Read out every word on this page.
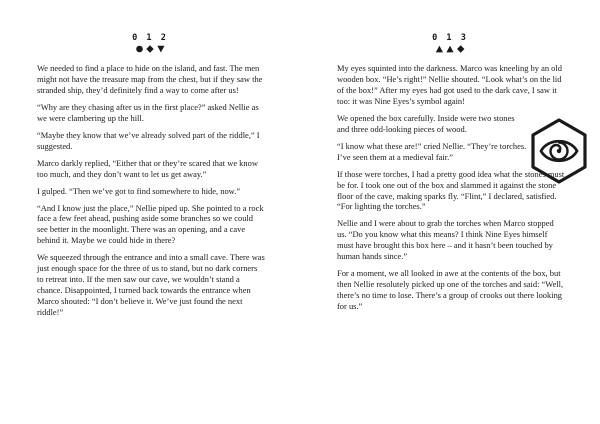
0 1 2

We needed to find a place to hide on the island, and fast. The men might not have the treasure map from the chest, but if they saw the stranded ship, they’d definitely find a way to come after us!

“Why are they chasing after us in the first place?” asked Nellie as we were clambering up the hill.

“Maybe they know that we’ve already solved part of the riddle,” I suggested.

Marco darkly replied, “Either that or they’re scared that we know too much, and they don’t want to let us get away.”

I gulped. “Then we’ve got to find somewhere to hide, now.”

“And I know just the place,” Nellie piped up. She pointed to a rock face a few feet ahead, pushing aside some branches so we could see better in the moonlight. There was an opening, and a cave behind it. Maybe we could hide in there?

We squeezed through the entrance and into a small cave. There was just enough space for the three of us to stand, but no dark corners to retreat into. If the men saw our cave, we wouldn’t stand a chance. Disappointed, I turned back towards the entrance when Marco shouted: “I don’t believe it. We’ve just found the next riddle!”

0 1 3

My eyes squinted into the darkness. Marco was kneeling by an old wooden box. “He’s right!” Nellie shouted. “Look what’s on the lid of the box!” After my eyes had got used to the dark cave, I saw it too: it was Nine Eyes’s symbol again!

We opened the box carefully. Inside were two stones and three odd-looking pieces of wood.

“I know what these are!” cried Nellie. “They’re torches. I’ve seen them at a medieval fair.”

If those were torches, I had a pretty good idea what the stones must be for. I took one out of the box and slammed it against the stone floor of the cave, making sparks fly. “Flint,” I declared, satisfied. “For lighting the torches.”

Nellie and I were about to grab the torches when Marco stopped us. “Do you know what this means? I think Nine Eyes himself must have brought this box here – and it hasn’t been touched by human hands since.”

For a moment, we all looked in awe at the contents of the box, but then Nellie resolutely picked up one of the torches and said: “Well, there’s no time to lose. There’s a group of crooks out there looking for us.”
